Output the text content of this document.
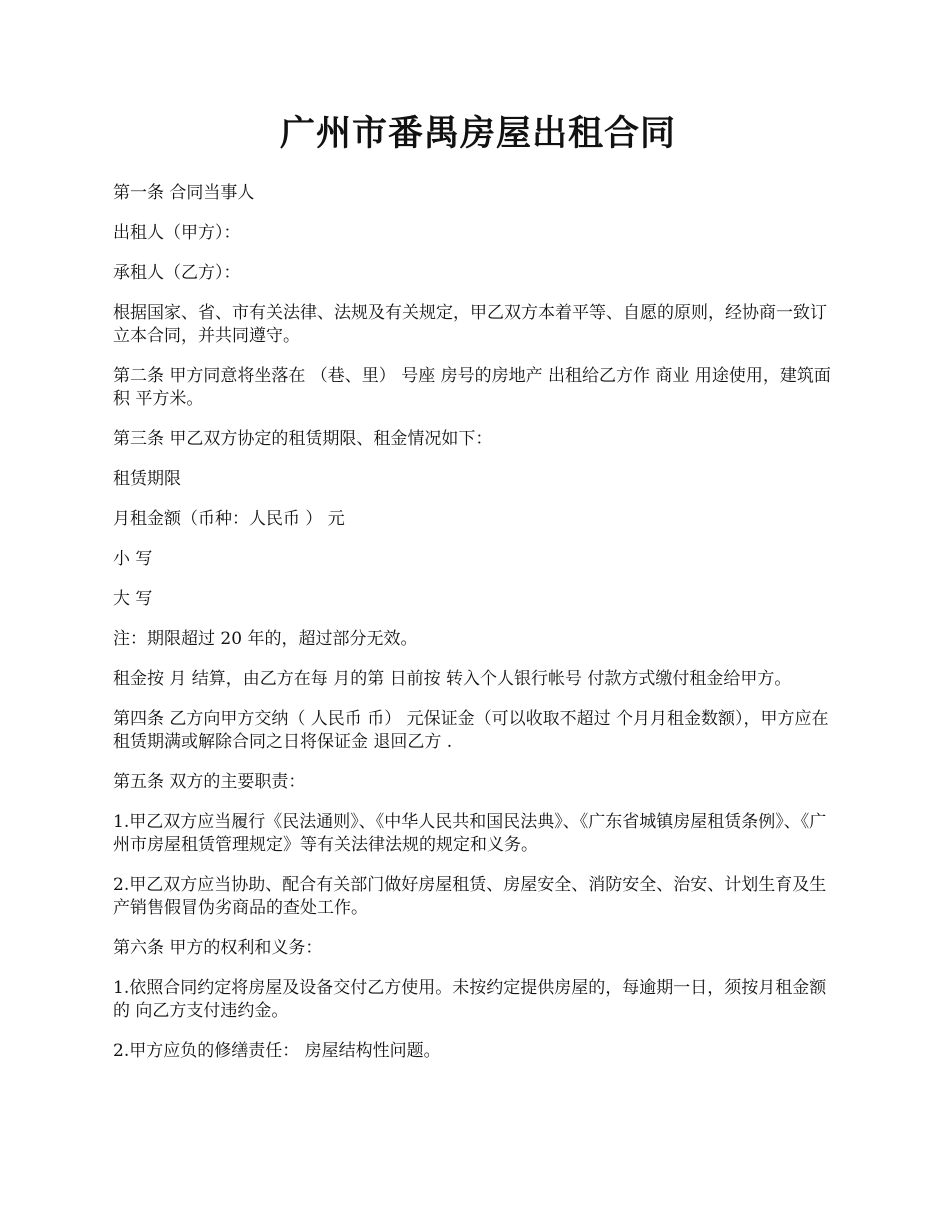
广州市番禺房屋出租合同

第一条 合同当事人

出租人（甲方）：

承租人（乙方）：

根据国家、省、市有关法律、法规及有关规定，甲乙双方本着平等、自愿的原则，经协商一致订立本合同，并共同遵守。

第二条 甲方同意将坐落在 （巷、里） 号座 房号的房地产 出租给乙方作 商业 用途使用，建筑面积 平方米。

第三条 甲乙双方协定的租赁期限、租金情况如下：

租赁期限

月租金额（币种：人民币 ） 元

小 写

大 写

注：期限超过 20 年的，超过部分无效。

租金按 月 结算，由乙方在每 月的第 日前按 转入个人银行帐号 付款方式缴付租金给甲方。

第四条 乙方向甲方交纳（ 人民币 币） 元保证金（可以收取不超过 个月月租金数额），甲方应在租赁期满或解除合同之日将保证金 退回乙方 .

第五条 双方的主要职责：

1.甲乙双方应当履行《民法通则》、《中华人民共和国民法典》、《广东省城镇房屋租赁条例》、《广州市房屋租赁管理规定》等有关法律法规的规定和义务。

2.甲乙双方应当协助、配合有关部门做好房屋租赁、房屋安全、消防安全、治安、计划生育及生产销售假冒伪劣商品的查处工作。

第六条 甲方的权利和义务：

1.依照合同约定将房屋及设备交付乙方使用。未按约定提供房屋的，每逾期一日，须按月租金额的 向乙方支付违约金。

2.甲方应负的修缮责任： 房屋结构性问题。
